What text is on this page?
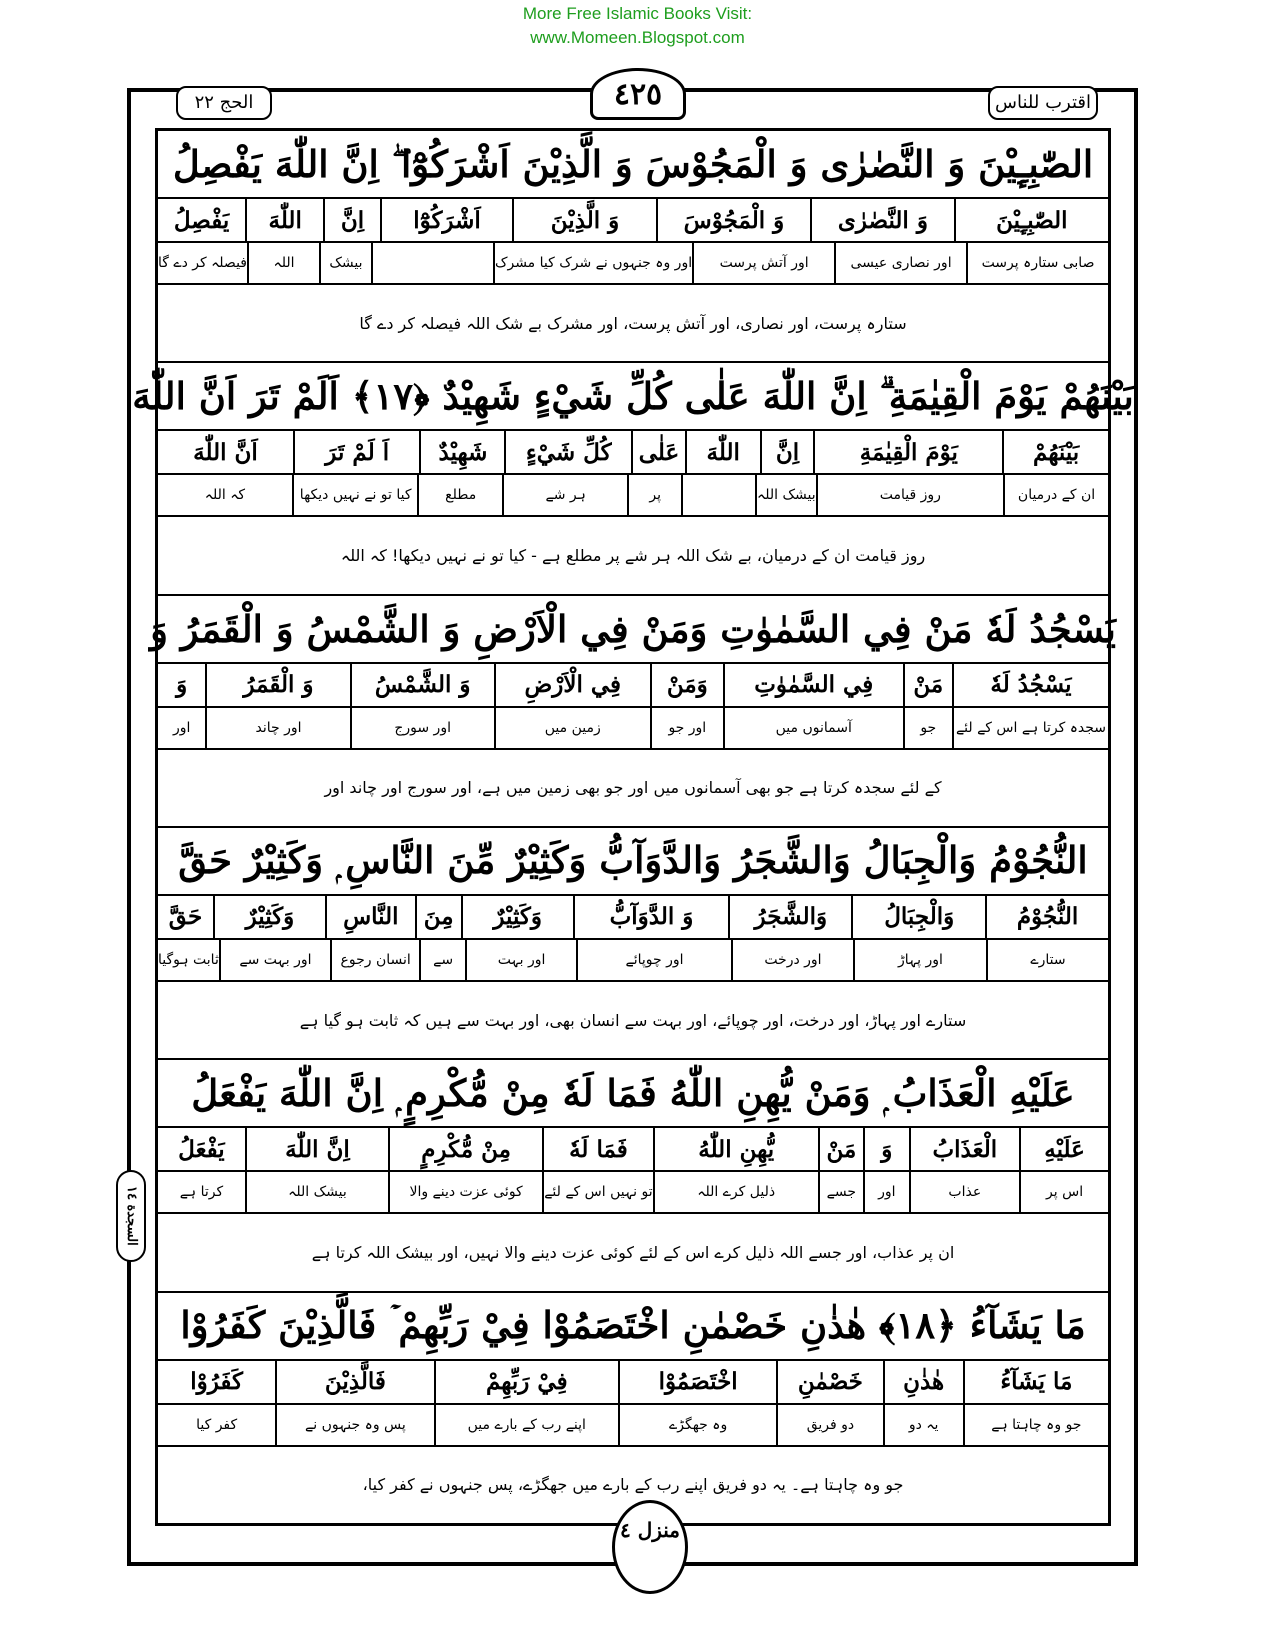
More Free Islamic Books Visit:
www.Momeen.Blogspot.com
الحج ٢٢	اقترب للناس
٤٢٥
الصّٰبِـِٕيْنَ وَ النَّصٰرٰى وَ الْمَجُوْسَ وَ الَّذِيْنَ اَشْرَكُوْٓا ۖ اِنَّ اللّٰهَ يَفْصِلُ
الصّٰبِـِٕيْنَ
وَ النَّصٰرٰى
وَ الْمَجُوْسَ
وَ الَّذِيْنَ
اَشْرَكُوْٓا
اِنَّ
اللّٰهَ
يَفْصِلُ
صابی ستارہ پرست
اور نصاری عیسی
اور آتش پرست
اور وہ جنہوں نے شرک کیا مشرک
بیشک
اللہ
فیصلہ کر دے گا
ستارہ پرست، اور نصاری، اور آتش پرست، اور مشرک بے شک اللہ فیصلہ کر دے گا
بَيْنَهُمْ يَوْمَ الْقِيٰمَةِ ۗ اِنَّ اللّٰهَ عَلٰى كُلِّ شَيْءٍ شَهِيْدٌ ﴿١٧﴾ اَلَمْ تَرَ اَنَّ اللّٰهَ
بَيْنَهُمْ
يَوْمَ الْقِيٰمَةِ
اِنَّ
اللّٰهَ
عَلٰى
كُلِّ شَيْءٍ
شَهِيْدٌ
اَ لَمْ تَرَ
اَنَّ اللّٰهَ
ان کے درمیان
روز قیامت
بیشک اللہ
پر
ہر شے
مطلع
کیا تو نے نہیں دیکھا
کہ اللہ
روز قیامت ان کے درمیان، بے شک اللہ ہر شے پر مطلع ہے - کیا تو نے نہیں دیکھا! کہ اللہ
يَسْجُدُ لَهٗ مَنْ فِي السَّمٰوٰتِ وَمَنْ فِي الْاَرْضِ وَ الشَّمْسُ وَ الْقَمَرُ وَ
يَسْجُدُ لَهٗ
مَنْ
فِي السَّمٰوٰتِ
وَمَنْ
فِي الْاَرْضِ
وَ الشَّمْسُ
وَ الْقَمَرُ
وَ
سجدہ کرتا ہے اس کے لئے
جو
آسمانوں میں
اور جو
زمین میں
اور سورج
اور چاند
اور
کے لئے سجدہ کرتا ہے جو بھی آسمانوں میں اور جو بھی زمین میں ہے، اور سورج اور چاند اور
النُّجُوْمُ وَالْجِبَالُ وَالشَّجَرُ وَالدَّوَآبُّ وَكَثِيْرٌ مِّنَ النَّاسِ ۭ وَكَثِيْرٌ حَقَّ
النُّجُوْمُ
وَالْجِبَالُ
وَالشَّجَرُ
وَ الدَّوَآبُّ
وَكَثِيْرٌ
مِنَ
النَّاسِ
وَكَثِيْرٌ
حَقَّ
ستارے
اور پہاڑ
اور درخت
اور چوپائے
اور بہت
سے
انسان رجوع
اور بہت سے
ثابت ہوگیا
ستارے اور پہاڑ، اور درخت، اور چوپائے، اور بہت سے انسان بھی، اور بہت سے ہیں کہ ثابت ہو گیا ہے
عَلَيْهِ الْعَذَابُ ۭ وَمَنْ يُّهِنِ اللّٰهُ فَمَا لَهٗ مِنْ مُّكْرِمٍ ۭ اِنَّ اللّٰهَ يَفْعَلُ
عَلَيْهِ
الْعَذَابُ
وَ
مَنْ
يُّهِنِ اللّٰهُ
فَمَا لَهٗ
مِنْ مُّكْرِمٍ
اِنَّ اللّٰهَ
يَفْعَلُ
اس پر
عذاب
اور
جسے
ذلیل کرے اللہ
تو نہیں اس کے لئے
کوئی عزت دینے والا
بیشک اللہ
کرتا ہے
ان پر عذاب، اور جسے اللہ ذلیل کرے اس کے لئے کوئی عزت دینے والا نہیں، اور بیشک اللہ کرتا ہے
مَا يَشَآءُ ﴿١٨﴾ هٰذٰنِ خَصْمٰنِ اخْتَصَمُوْا فِيْ رَبِّهِمْ ۡ فَالَّذِيْنَ كَفَرُوْا
مَا يَشَآءُ
هٰذٰنِ
خَصْمٰنِ
اخْتَصَمُوْا
فِيْ رَبِّهِمْ
فَالَّذِيْنَ
كَفَرُوْا
جو وہ چاہتا ہے
یہ دو
دو فریق
وہ جھگڑے
اپنے رب کے بارے میں
پس وہ جنہوں نے
کفر کیا
جو وہ چاہتا ہے۔ یہ دو فریق اپنے رب کے بارے میں جھگڑے، پس جنہوں نے کفر کیا،
السجدة ١٤
منزل ٤
